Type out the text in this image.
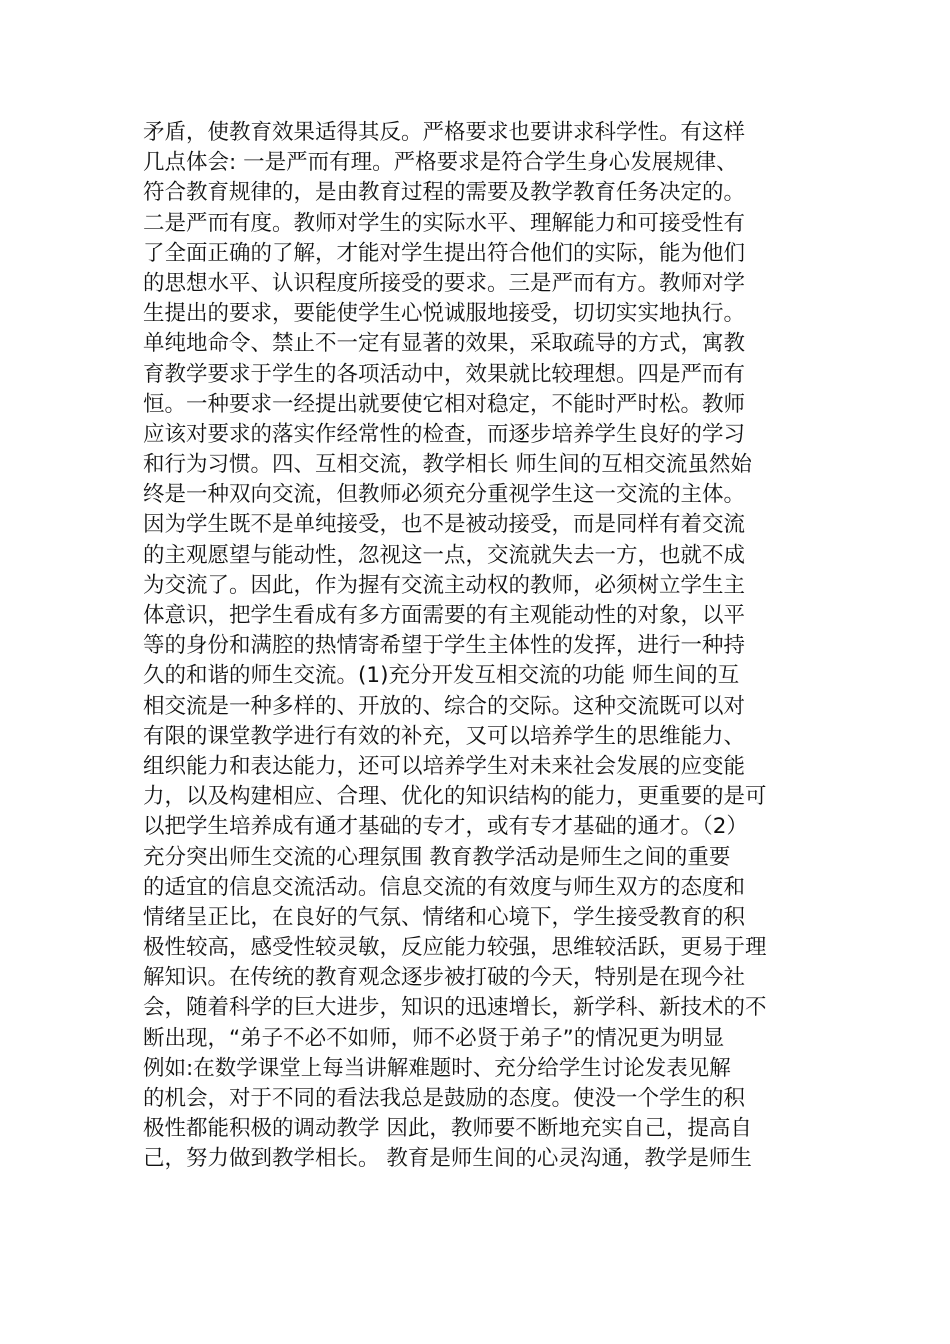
矛盾，使教育效果适得其反。严格要求也要讲求科学性。有这样
几点体会: 一是严而有理。严格要求是符合学生身心发展规律、
符合教育规律的，是由教育过程的需要及教学教育任务决定的。
二是严而有度。教师对学生的实际水平、理解能力和可接受性有
了全面正确的了解，才能对学生提出符合他们的实际，能为他们
的思想水平、认识程度所接受的要求。三是严而有方。教师对学
生提出的要求，要能使学生心悦诚服地接受，切切实实地执行。
单纯地命令、禁止不一定有显著的效果，采取疏导的方式，寓教
育教学要求于学生的各项活动中，效果就比较理想。四是严而有
恒。一种要求一经提出就要使它相对稳定，不能时严时松。教师
应该对要求的落实作经常性的检查，而逐步培养学生良好的学习
和行为习惯。四、互相交流，教学相长 师生间的互相交流虽然始
终是一种双向交流，但教师必须充分重视学生这一交流的主体。
因为学生既不是单纯接受，也不是被动接受，而是同样有着交流
的主观愿望与能动性，忽视这一点，交流就失去一方，也就不成
为交流了。因此，作为握有交流主动权的教师，必须树立学生主
体意识，把学生看成有多方面需要的有主观能动性的对象，以平
等的身份和满腔的热情寄希望于学生主体性的发挥，进行一种持
久的和谐的师生交流。(1)充分开发互相交流的功能 师生间的互
相交流是一种多样的、开放的、综合的交际。这种交流既可以对
有限的课堂教学进行有效的补充，又可以培养学生的思维能力、
组织能力和表达能力，还可以培养学生对未来社会发展的应变能
力，以及构建相应、合理、优化的知识结构的能力，更重要的是可
以把学生培养成有通才基础的专才，或有专才基础的通才。（2）
充分突出师生交流的心理氛围 教育教学活动是师生之间的重要
的适宜的信息交流活动。信息交流的有效度与师生双方的态度和
情绪呈正比，在良好的气氛、情绪和心境下，学生接受教育的积
极性较高，感受性较灵敏，反应能力较强，思维较活跃，更易于理
解知识。在传统的教育观念逐步被打破的今天，特别是在现今社
会，随着科学的巨大进步，知识的迅速增长，新学科、新技术的不
断出现，“弟子不必不如师，师不必贤于弟子”的情况更为明显
例如:在数学课堂上每当讲解难题时、充分给学生讨论发表见解
的机会，对于不同的看法我总是鼓励的态度。使没一个学生的积
极性都能积极的调动教学 因此，教师要不断地充实自己，提高自
己，努力做到教学相长。 教育是师生间的心灵沟通，教学是师生
